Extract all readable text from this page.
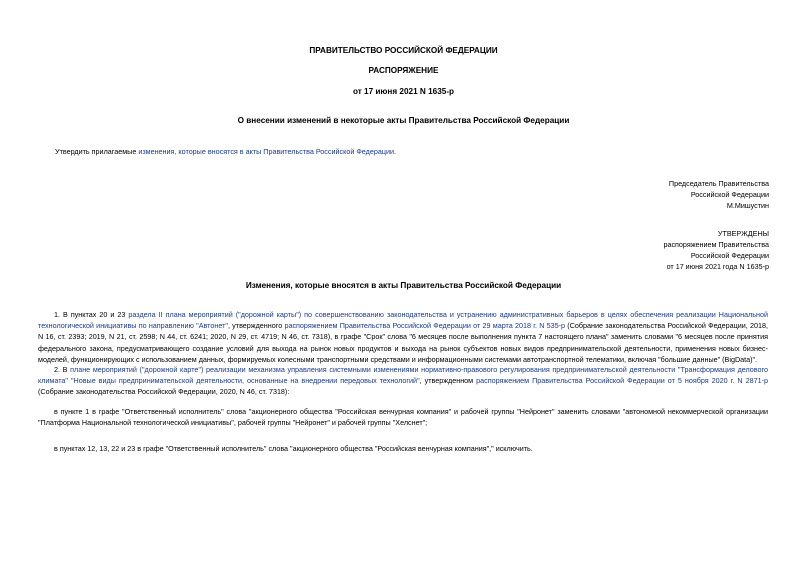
ПРАВИТЕЛЬСТВО РОССИЙСКОЙ ФЕДЕРАЦИИ
РАСПОРЯЖЕНИЕ
от 17 июня 2021 N 1635-р
О внесении изменений в некоторые акты Правительства Российской Федерации
Утвердить прилагаемые изменения, которые вносятся в акты Правительства Российской Федерации.
Председатель Правительства
Российской Федерации
М.Мишустин
УТВЕРЖДЕНЫ
распоряжением Правительства
Российской Федерации
от 17 июня 2021 года N 1635-р
Изменения, которые вносятся в акты Правительства Российской Федерации
1. В пунктах 20 и 23 раздела II плана мероприятий ("дорожной карты") по совершенствованию законодательства и устранению административных барьеров в целях обеспечения реализации Национальной технологической инициативы по направлению "Автонет", утвержденного распоряжением Правительства Российской Федерации от 29 марта 2018 г. N 535-р (Собрание законодательства Российской Федерации, 2018, N 16, ст. 2393; 2019, N 21, ст. 2598; N 44, ст. 6241; 2020, N 29, ст. 4719; N 46, ст. 7318), в графе "Срок" слова "6 месяцев после выполнения пункта 7 настоящего плана" заменить словами "6 месяцев после принятия федерального закона, предусматривающего создание условий для выхода на рынок новых продуктов и выхода на рынок субъектов новых видов предпринимательской деятельности, применения новых бизнес-моделей, функционирующих с использованием данных, формируемых колесными транспортными средствами и информационными системами автотранспортной телематики, включая "большие данные" (BigData)".
2. В плане мероприятий ("дорожной карте") реализации механизма управления системными изменениями нормативно-правового регулирования предпринимательской деятельности "Трансформация делового климата" "Новые виды предпринимательской деятельности, основанные на внедрении передовых технологий", утвержденном распоряжением Правительства Российской Федерации от 5 ноября 2020 г. N 2871-р (Собрание законодательства Российской Федерации, 2020, N 46, ст. 7318):
в пункте 1 в графе "Ответственный исполнитель" слова "акционерного общества "Российская венчурная компания" и рабочей группы "Нейронет" заменить словами "автономной некоммерческой организации "Платформа Национальной технологической инициативы", рабочей группы "Нейронет" и рабочей группы "Хелснет";
в пунктах 12, 13, 22 и 23 в графе "Ответственный исполнитель" слова "акционерного общества "Российская венчурная компания"," исключить.
